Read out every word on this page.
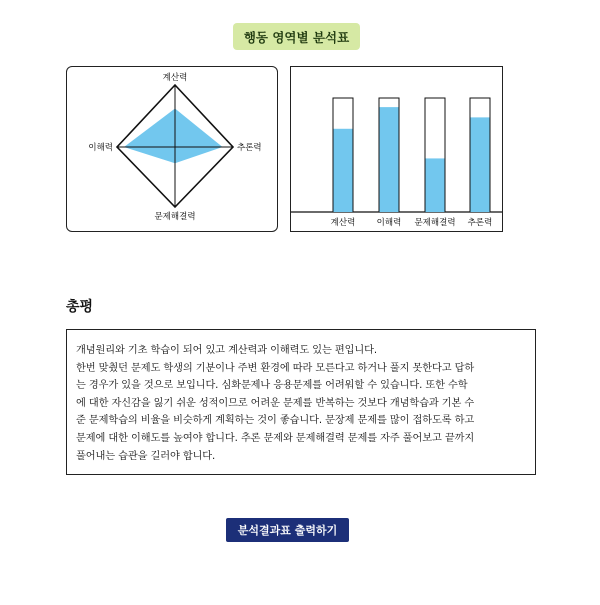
행동 영역별 분석표
계산력
추론력
문제해결력
이해력
계산력	이해력 문제해결력 추론력
총평

개념원리와 기초 학습이 되어 있고 계산력과 이해력도 있는 편입니다.

한번 맞췄던 문제도 학생의 기분이나 주변 환경에 따라 모른다고 하거나 풀지 못한다고 답하

는 경우가 있을 것으로 보입니다. 심화문제나 응용문제를 어려워할 수 있습니다. 또한 수학

에 대한 자신감을 잃기 쉬운 성적이므로 어려운 문제를 반복하는 것보다 개념학습과 기본 수

준 문제학습의 비율을 비슷하게 계획하는 것이 좋습니다. 문장제 문제를 많이 접하도록 하고

문제에 대한 이해도를 높여야 합니다. 추론 문제와 문제해결력 문제를 자주 풀어보고 끝까지

풀어내는 습관을 길러야 합니다.

분석결과표 출력하기
